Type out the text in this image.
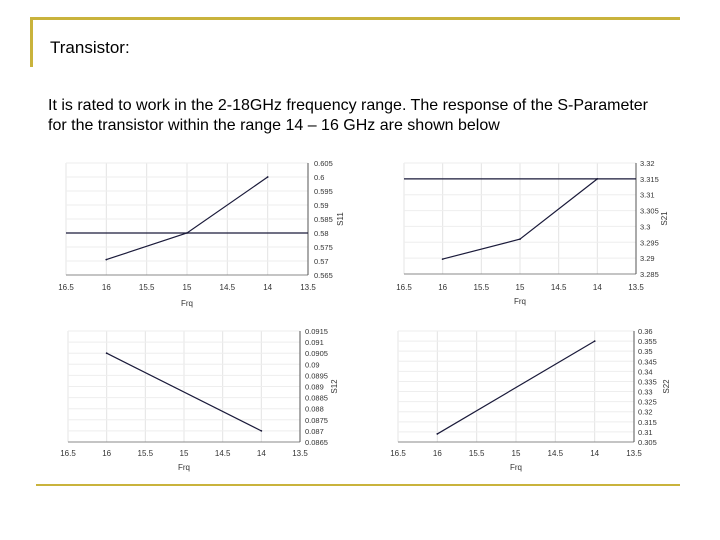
Transistor:
It is rated to work in the 2-18GHz frequency range. The response of the S-Parameter for the transistor within the range 14 – 16 GHz are shown below
16.5	16	15.5	15	14.5	14	13.5
0.605
0.6
0.595
0.59
0.585
0.58
0.575
0.57
0.565
Frq
S11
16.5	16	15.5	15	14.5	14	13.5
3.32
3.315
3.31
3.305
3.3
3.295
3.29
3.285
Frq
S21
16.5	16	15.5	15	14.5	14	13.5
0.0915
0.091
0.0905
0.09
0.0895
0.089
0.0885
0.088
0.0875
0.087
0.0865
Frq
S12
16.5	16	15.5	15	14.5	14	13.5
0.36
0.355
0.35
0.345
0.34
0.335
0.33
0.325
0.32
0.315
0.31
0.305
Frq
S22
